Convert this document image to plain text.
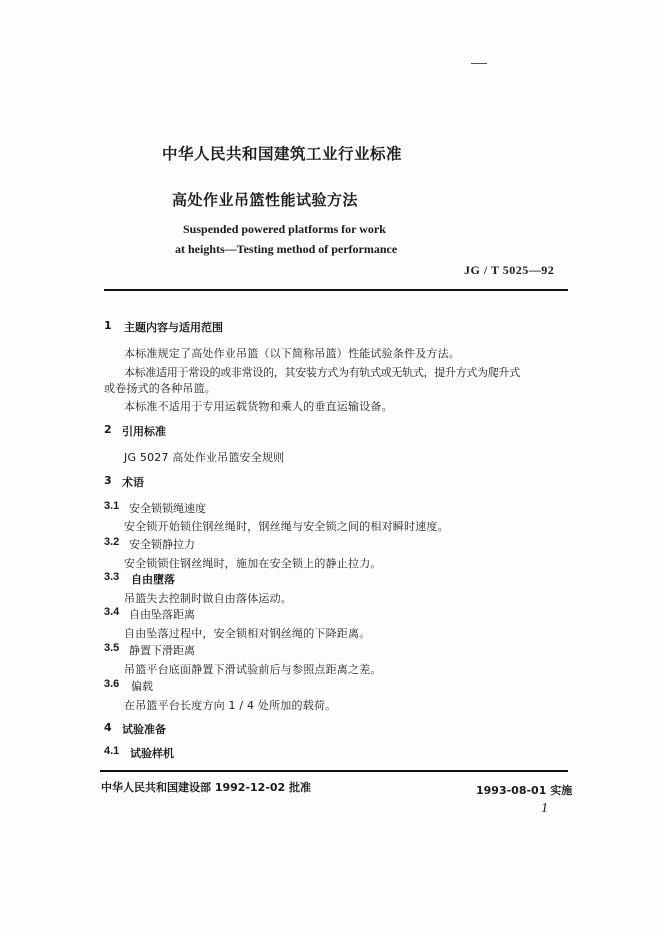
中华人民共和国建筑工业行业标准
高处作业吊篮性能试验方法
Suspended powered platforms for work
at heights—Testing method of performance
JG / T 5025—92
1 主题内容与适用范围
本标准规定了高处作业吊篮（以下简称吊篮）性能试验条件及方法。
本标准适用于常设的或非常设的，其安装方式为有轨式或无轨式，提升方式为爬升式
或卷扬式的各种吊篮。
本标准不适用于专用运载货物和乘人的垂直运输设备。
2 引用标准
JG 5027 高处作业吊篮安全规则
3 术语
3.1 安全锁锁绳速度
安全锁开始锁住钢丝绳时，钢丝绳与安全锁之间的相对瞬时速度。
3.2 安全锁静拉力
安全锁锁住钢丝绳时，施加在安全锁上的静止拉力。
3.3 自由墮落
吊篮失去控制时做自由落体运动。
3.4 自由坠落距离
自由坠落过程中，安全锁相对钢丝绳的下降距离。
3.5 静置下滑距离
吊篮平台底面静置下滑试验前后与参照点距离之差。
3.6 偏载
在吊篮平台长度方向 1 / 4 处所加的载荷。
4 试验准备
4.1 试验样机
中华人民共和国建设部 1992-12-02 批准	1993-08-01 实施
1
